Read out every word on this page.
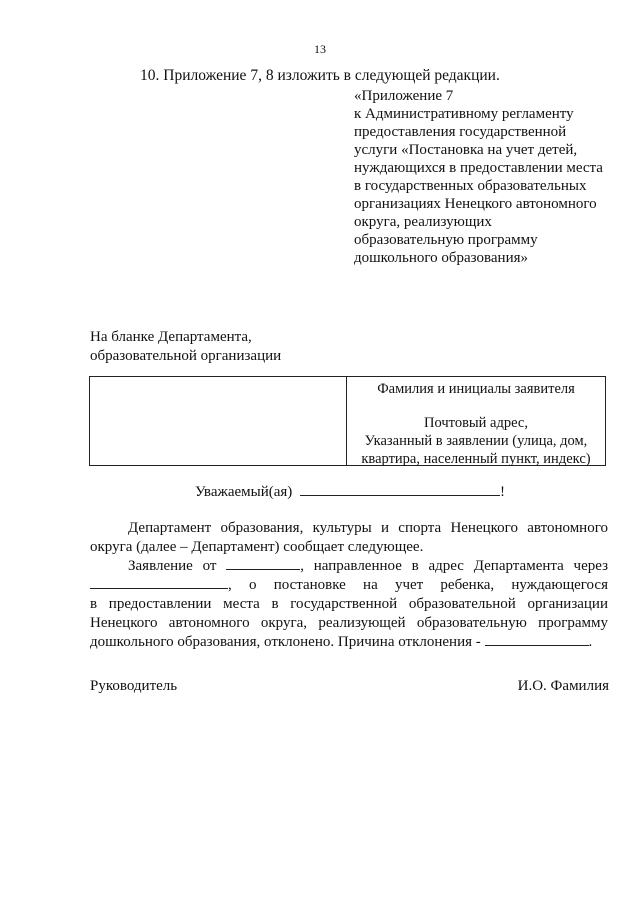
13
10. Приложение 7, 8 изложить в следующей редакции.
«Приложение 7
к Административному регламенту
предоставления государственной
услуги «Постановка на учет детей,
нуждающихся в предоставлении места
в государственных образовательных
организациях Ненецкого автономного
округа, реализующих
образовательную программу
дошкольного образования»
На бланке Департамента,
образовательной организации
Фамилия и инициалы заявителя
Почтовый адрес,
Указанный в заявлении (улица, дом,
квартира, населенный пункт, индекс)
Уважаемый(ая)	!

Департамент образования, культуры и спорта Ненецкого автономного округа (далее – Департамент) сообщает следующее.

Заявление от	, направленное в адрес Департамента через

, о постановке на учет ребенка, нуждающегося

в предоставлении места в государственной образовательной организации Ненецкого автономного округа, реализующей образовательную программу дошкольного образования, отклонено. Причина отклонения -	.

Руководитель	И.О. Фамилия
